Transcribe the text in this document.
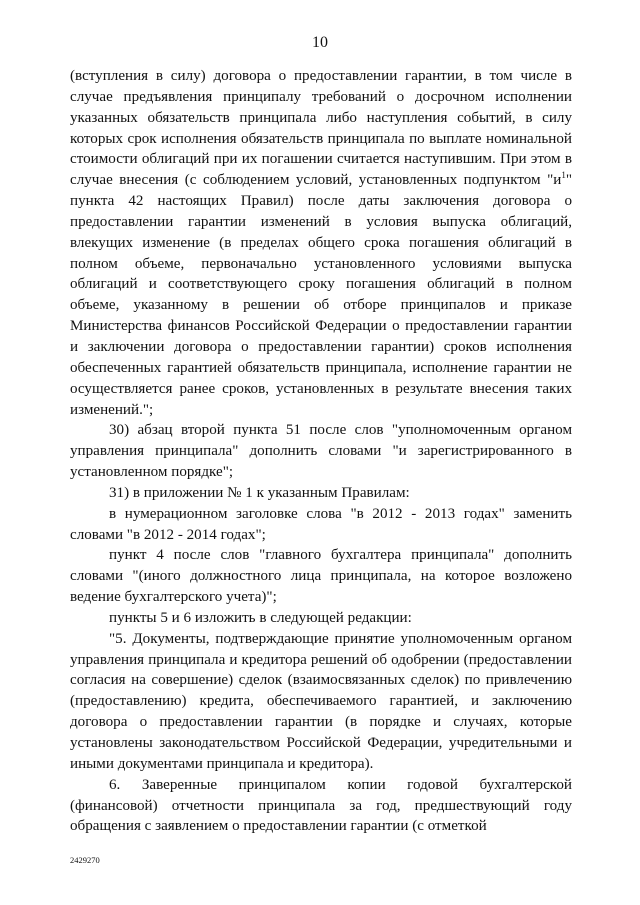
10

(вступления в силу) договора о предоставлении гарантии, в том числе в случае предъявления принципалу требований о досрочном исполнении указанных обязательств принципала либо наступления событий, в силу которых срок исполнения обязательств принципала по выплате номинальной стоимости облигаций при их погашении считается наступившим. При этом в случае внесения (с соблюдением условий, установленных подпунктом "$и^1$" пункта 42 настоящих Правил) после даты заключения договора о предоставлении гарантии изменений в условия выпуска облигаций, влекущих изменение (в пределах общего срока погашения облигаций в полном объеме, первоначально установленного условиями выпуска облигаций и соответствующего сроку погашения облигаций в полном объеме, указанному в решении об отборе принципалов и приказе Министерства финансов Российской Федерации о предоставлении гарантии и заключении договора о предоставлении гарантии) сроков исполнения обеспеченных гарантией обязательств принципала, исполнение гарантии не осуществляется ранее сроков, установленных в результате внесения таких изменений.";

30) абзац второй пункта 51 после слов "уполномоченным органом управления принципала" дополнить словами "и зарегистрированного в установленном порядке";

31) в приложении № 1 к указанным Правилам:

в нумерационном заголовке слова "в 2012 - 2013 годах" заменить словами "в 2012 - 2014 годах";

пункт 4 после слов "главного бухгалтера принципала" дополнить словами "(иного должностного лица принципала, на которое возложено ведение бухгалтерского учета)";

пункты 5 и 6 изложить в следующей редакции:

"5. Документы, подтверждающие принятие уполномоченным органом управления принципала и кредитора решений об одобрении (предоставлении согласия на совершение) сделок (взаимосвязанных сделок) по привлечению (предоставлению) кредита, обеспечиваемого гарантией, и заключению договора о предоставлении гарантии (в порядке и случаях, которые установлены законодательством Российской Федерации, учредительными и иными документами принципала и кредитора).

6. Заверенные принципалом копии годовой бухгалтерской (финансовой) отчетности принципала за год, предшествующий году обращения с заявлением о предоставлении гарантии (с отметкой

2429270
